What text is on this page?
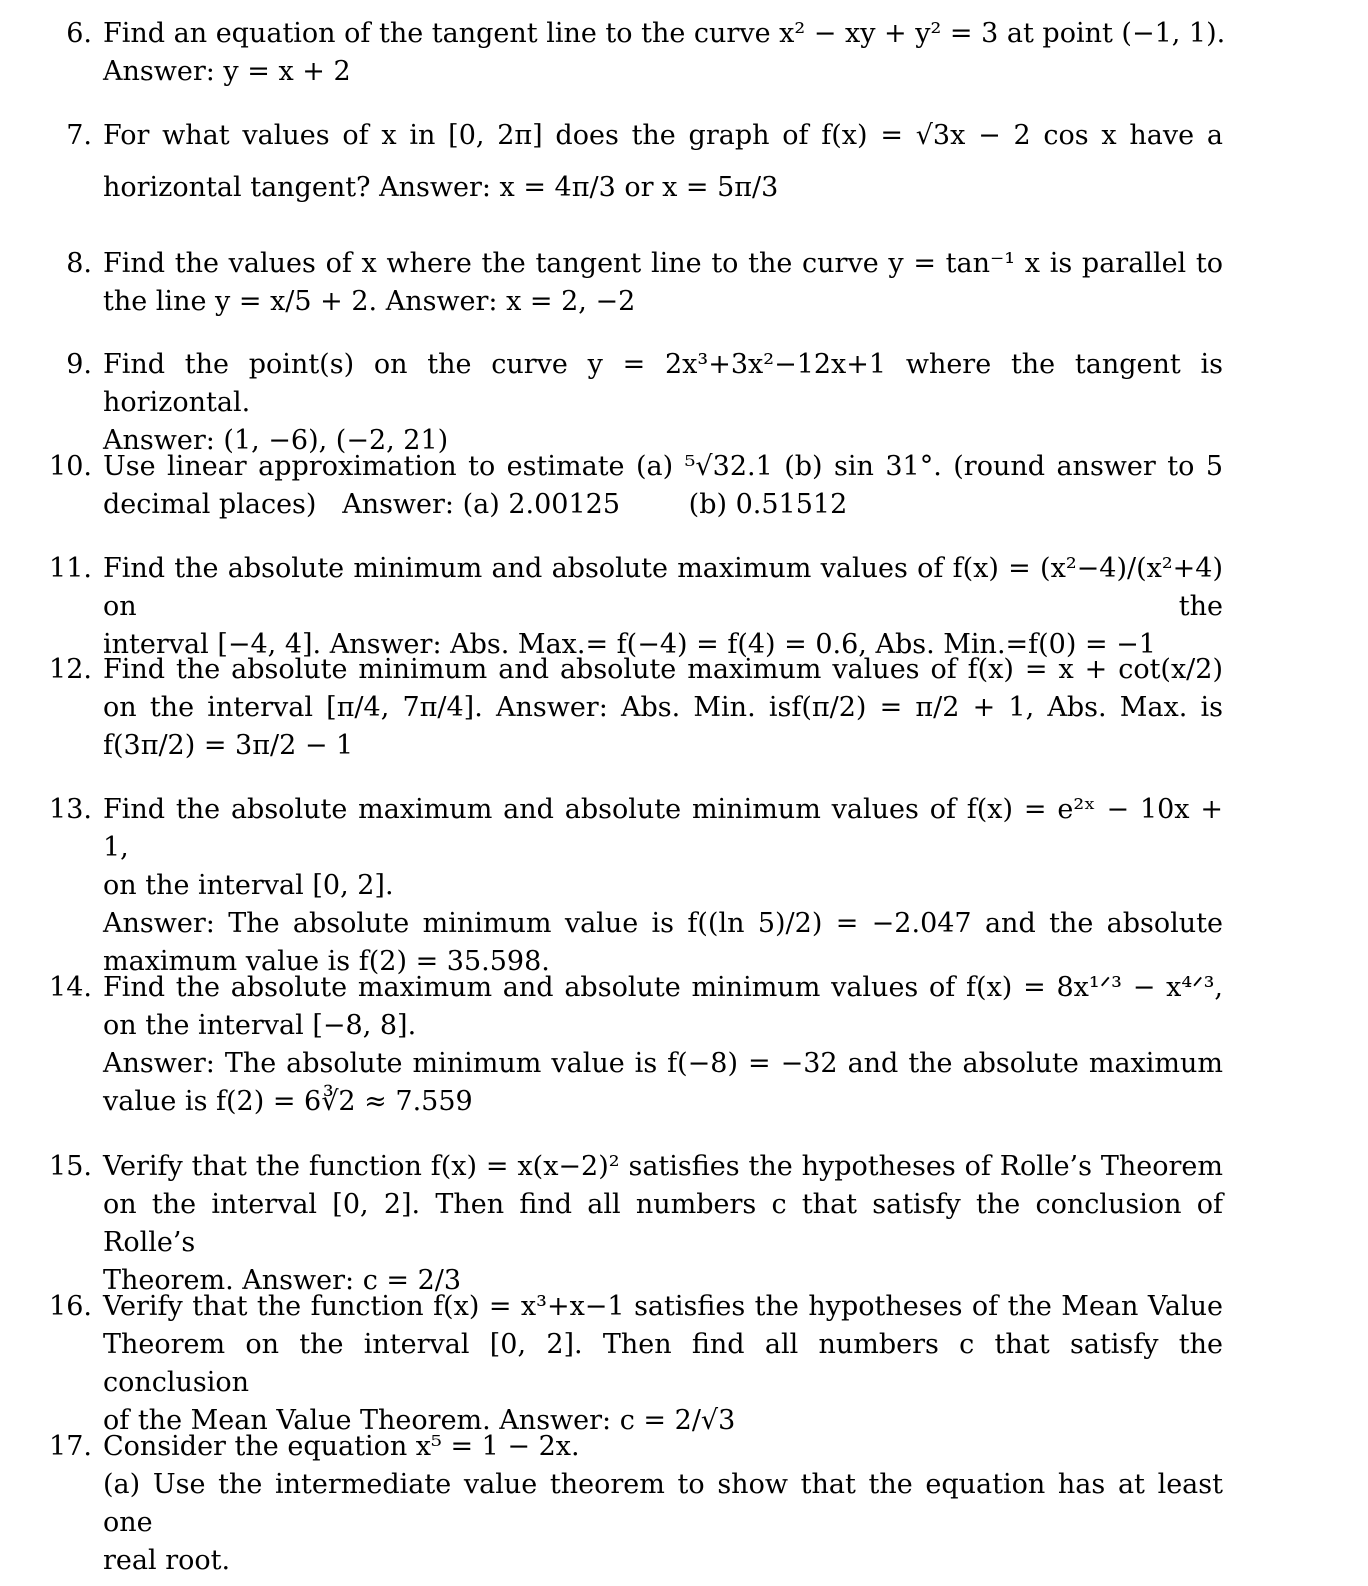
6. Find an equation of the tangent line to the curve x² − xy + y² = 3 at point (−1, 1).
Answer: y = x + 2
7. For what values of x in [0, 2π] does the graph of f(x) = √3x − 2 cos x have a
horizontal tangent? Answer: x = 4π/3 or x = 5π/3
8. Find the values of x where the tangent line to the curve y = tan⁻¹ x is parallel to
the line y = x/5 + 2. Answer: x = 2, −2
9. Find the point(s) on the curve y = 2x³+3x²−12x+1 where the tangent is horizontal.
Answer: (1, −6), (−2, 21)
10. Use linear approximation to estimate (a) ⁵√32.1 (b) sin 31°. (round answer to 5
decimal places)   Answer: (a) 2.00125        (b) 0.51512
11. Find the absolute minimum and absolute maximum values of f(x) = (x²−4)/(x²+4) on the
interval [−4, 4]. Answer: Abs. Max.= f(−4) = f(4) = 0.6, Abs. Min.=f(0) = −1
12. Find the absolute minimum and absolute maximum values of f(x) = x + cot(x/2)
on the interval [π/4, 7π/4]. Answer: Abs. Min. isf(π/2) = π/2 + 1, Abs. Max. is
f(3π/2) = 3π/2 − 1
13. Find the absolute maximum and absolute minimum values of f(x) = e²ˣ − 10x + 1,
on the interval [0, 2].
Answer: The absolute minimum value is f((ln 5)/2) = −2.047 and the absolute
maximum value is f(2) = 35.598.
14. Find the absolute maximum and absolute minimum values of f(x) = 8x¹ᐟ³ − x⁴ᐟ³,
on the interval [−8, 8].
Answer: The absolute minimum value is f(−8) = −32 and the absolute maximum
value is f(2) = 6∛2 ≈ 7.559
15. Verify that the function f(x) = x(x−2)² satisfies the hypotheses of Rolle’s Theorem
on the interval [0, 2]. Then find all numbers c that satisfy the conclusion of Rolle’s
Theorem. Answer: c = 2/3
16. Verify that the function f(x) = x³+x−1 satisfies the hypotheses of the Mean Value
Theorem on the interval [0, 2]. Then find all numbers c that satisfy the conclusion
of the Mean Value Theorem. Answer: c = 2/√3
17. Consider the equation x⁵ = 1 − 2x.
(a) Use the intermediate value theorem to show that the equation has at least one
real root.
